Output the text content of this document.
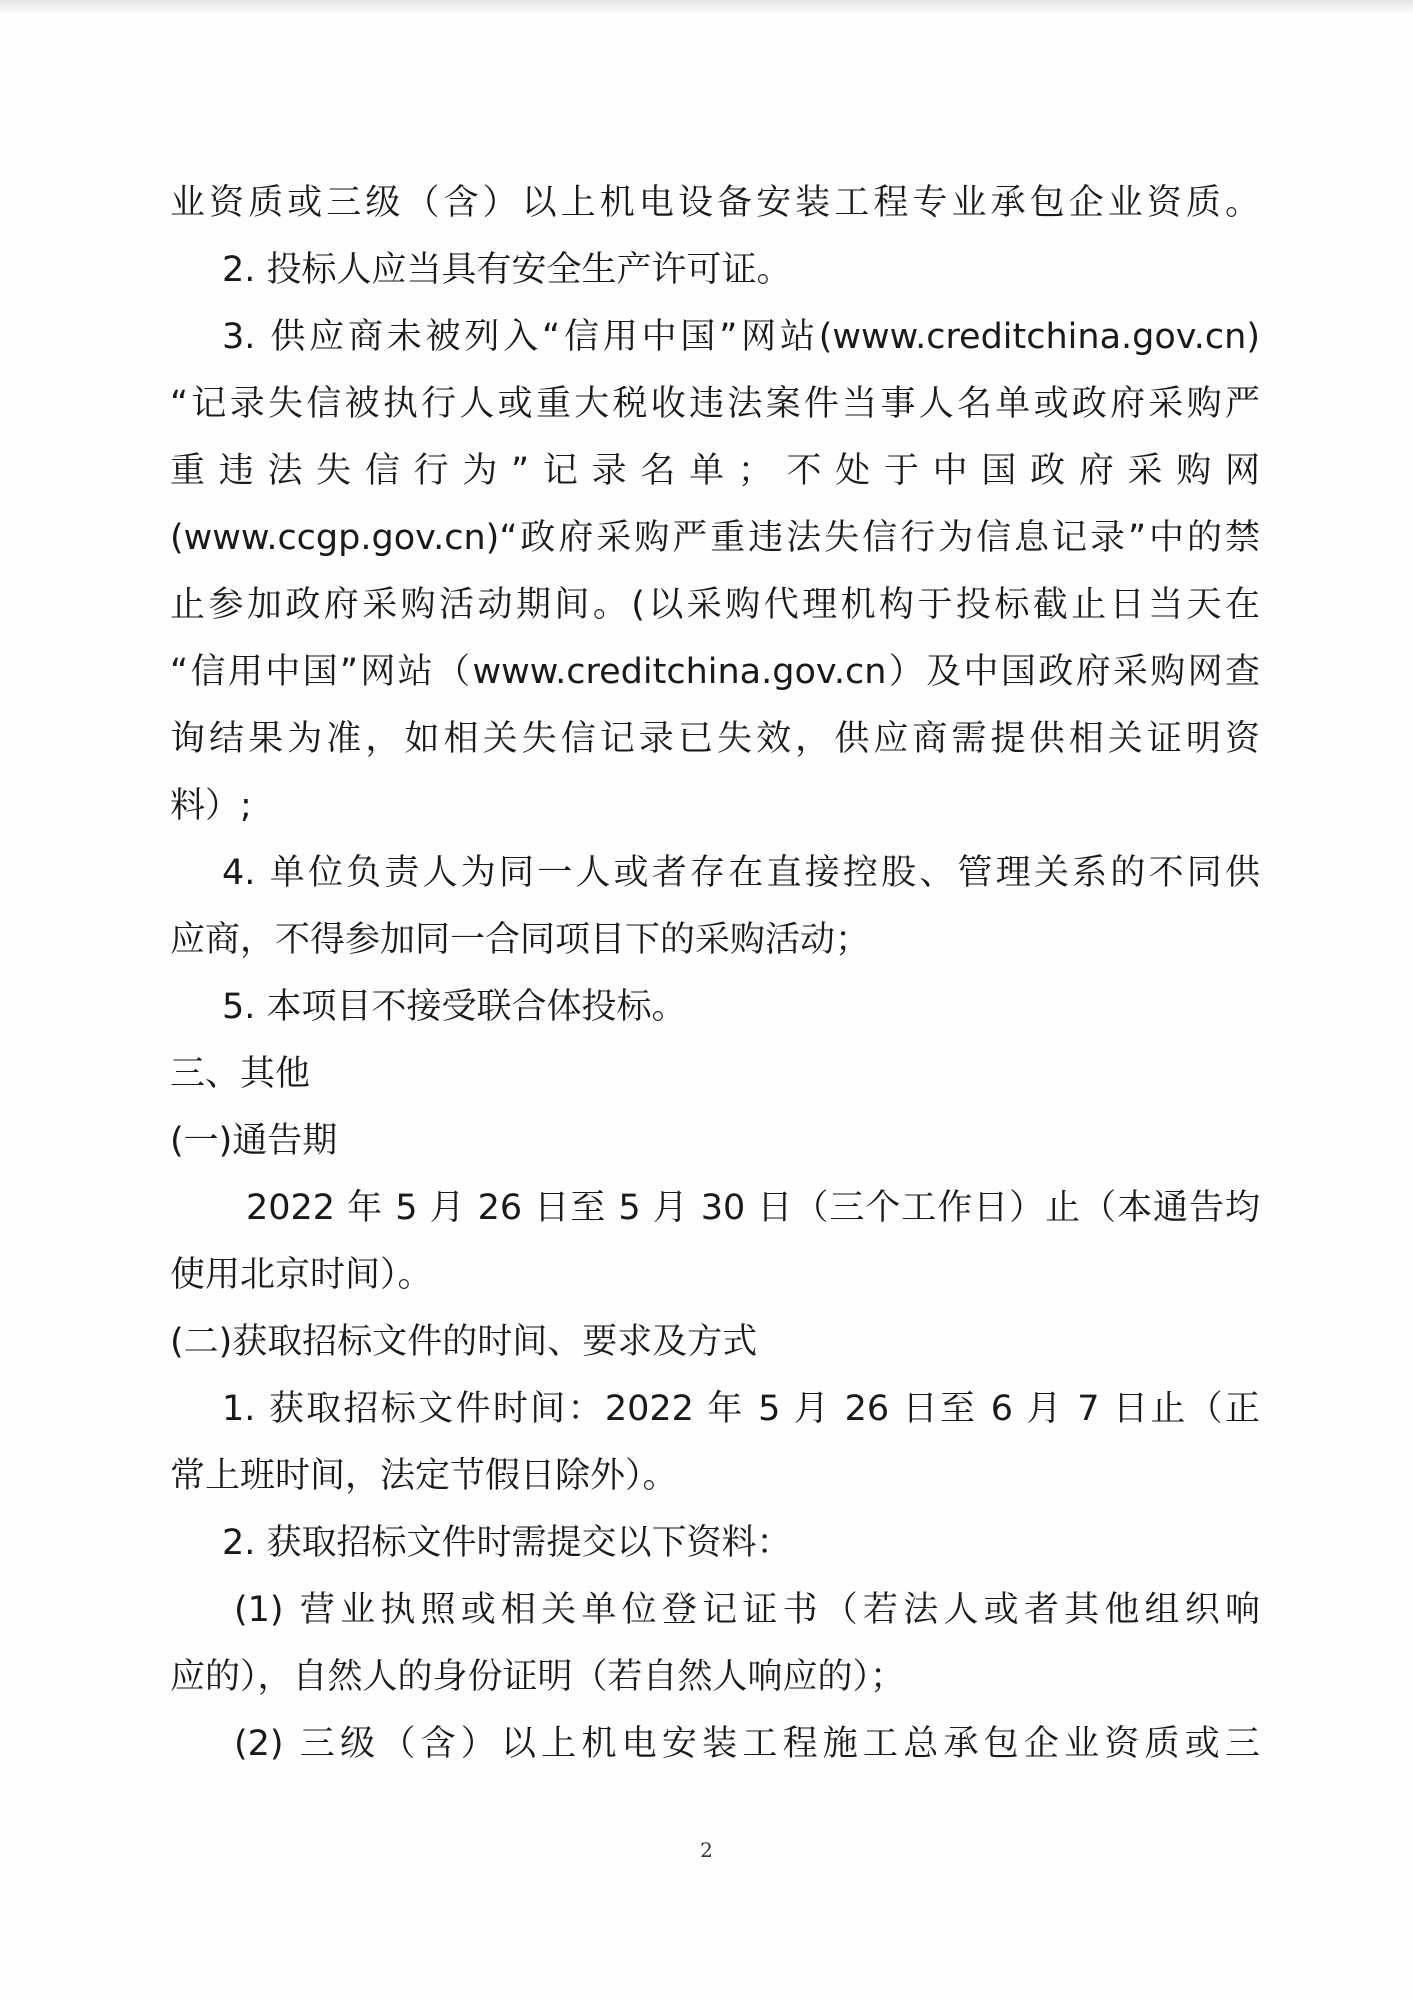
业资质或三级（含）以上机电设备安装工程专业承包企业资质。
2. 投标人应当具有安全生产许可证。
3. 供应商未被列入“信用中国”网站(www.creditchina.gov.cn)
“记录失信被执行人或重大税收违法案件当事人名单或政府采购严
重违法失信行为”记录名单；不处于中国政府采购网
(www.ccgp.gov.cn)“政府采购严重违法失信行为信息记录”中的禁
止参加政府采购活动期间。(以采购代理机构于投标截止日当天在
“信用中国”网站（www.creditchina.gov.cn）及中国政府采购网查
询结果为准，如相关失信记录已失效，供应商需提供相关证明资
料）;
4. 单位负责人为同一人或者存在直接控股、管理关系的不同供
应商，不得参加同一合同项目下的采购活动；
5. 本项目不接受联合体投标。
三、其他
(一)通告期
2022 年 5 月 26 日至 5 月 30 日（三个工作日）止（本通告均
使用北京时间）。
(二)获取招标文件的时间、要求及方式
1. 获取招标文件时间：2022 年 5 月 26 日至 6 月 7 日止（正
常上班时间，法定节假日除外）。
2. 获取招标文件时需提交以下资料：
(1) 营业执照或相关单位登记证书（若法人或者其他组织响
应的），自然人的身份证明（若自然人响应的）；
(2) 三级（含）以上机电安装工程施工总承包企业资质或三
2
